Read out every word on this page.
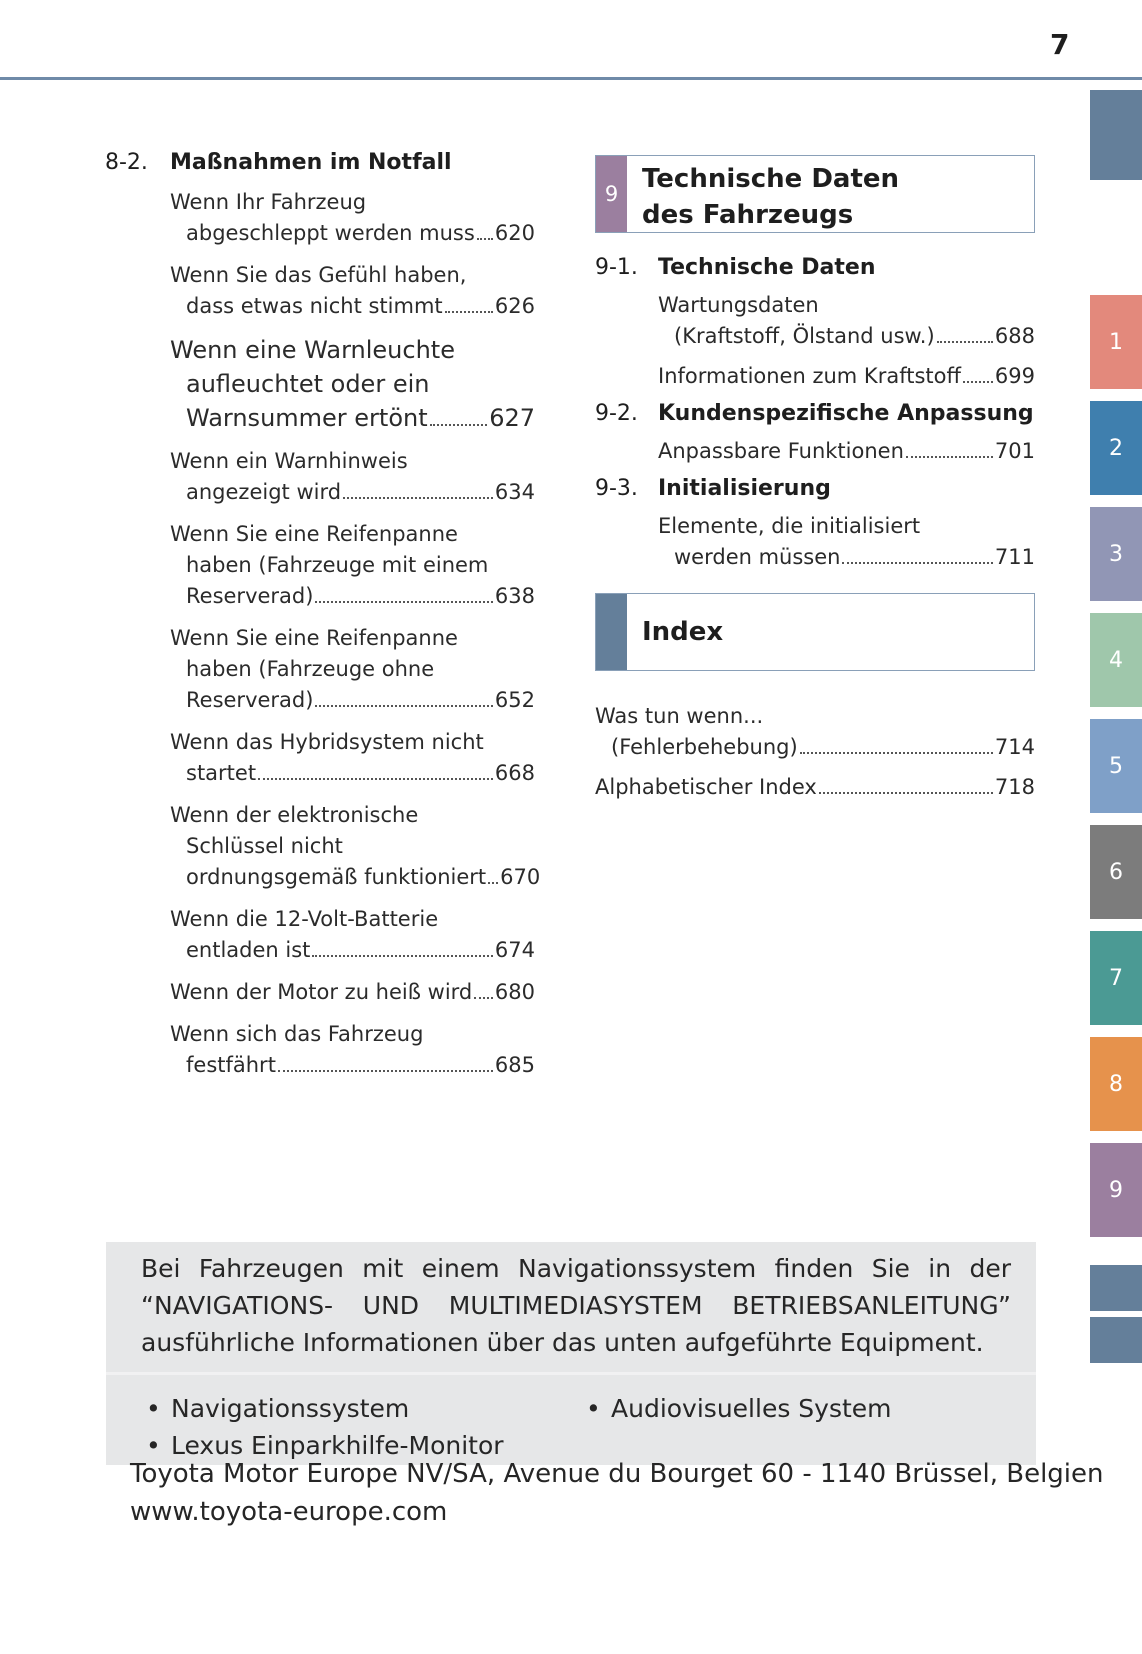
7
8-2.	Maßnahmen im Notfall
Wenn Ihr Fahrzeug
abgeschleppt werden muss 620
Wenn Sie das Gefühl haben,
dass etwas nicht stimmt 626
Wenn eine Warnleuchte
aufleuchtet oder ein
Warnsummer ertönt	627
Wenn ein Warnhinweis
angezeigt wird	634
Wenn Sie eine Reifenpanne
haben (Fahrzeuge mit einem
Reserverad)	638
Wenn Sie eine Reifenpanne
haben (Fahrzeuge ohne
Reserverad)	652
Wenn das Hybridsystem nicht
startet	668
Wenn der elektronische
Schlüssel nicht
ordnungsgemäß funktioniert 670
Wenn die 12-Volt-Batterie
entladen ist	674
Wenn der Motor zu heiß wird 680
Wenn sich das Fahrzeug
festfährt	685
9 Technische Daten
des Fahrzeugs
9-1. Technische Daten
Wartungsdaten
(Kraftstoff, Ölstand usw.)	688
Informationen zum Kraftstoff 699
9-2. Kundenspezifische Anpassung
Anpassbare Funktionen	701
9-3. Initialisierung
Elemente, die initialisiert
werden müssen	711
Index
Was tun wenn...
(Fehlerbehebung)	714
Alphabetischer Index	718
1
2
3
4
5
6
7
8
9
Bei Fahrzeugen mit einem Navigationssystem finden Sie in der
“NAVIGATIONS- UND MULTIMEDIASYSTEM BETRIEBSANLEITUNG”
ausführliche Informationen über das unten aufgeführte Equipment.
• Navigationssystem	• Audiovisuelles System
• Lexus Einparkhilfe-Monitor
Toyota Motor Europe NV/SA, Avenue du Bourget 60 - 1140 Brüssel, Belgien
www.toyota-europe.com
